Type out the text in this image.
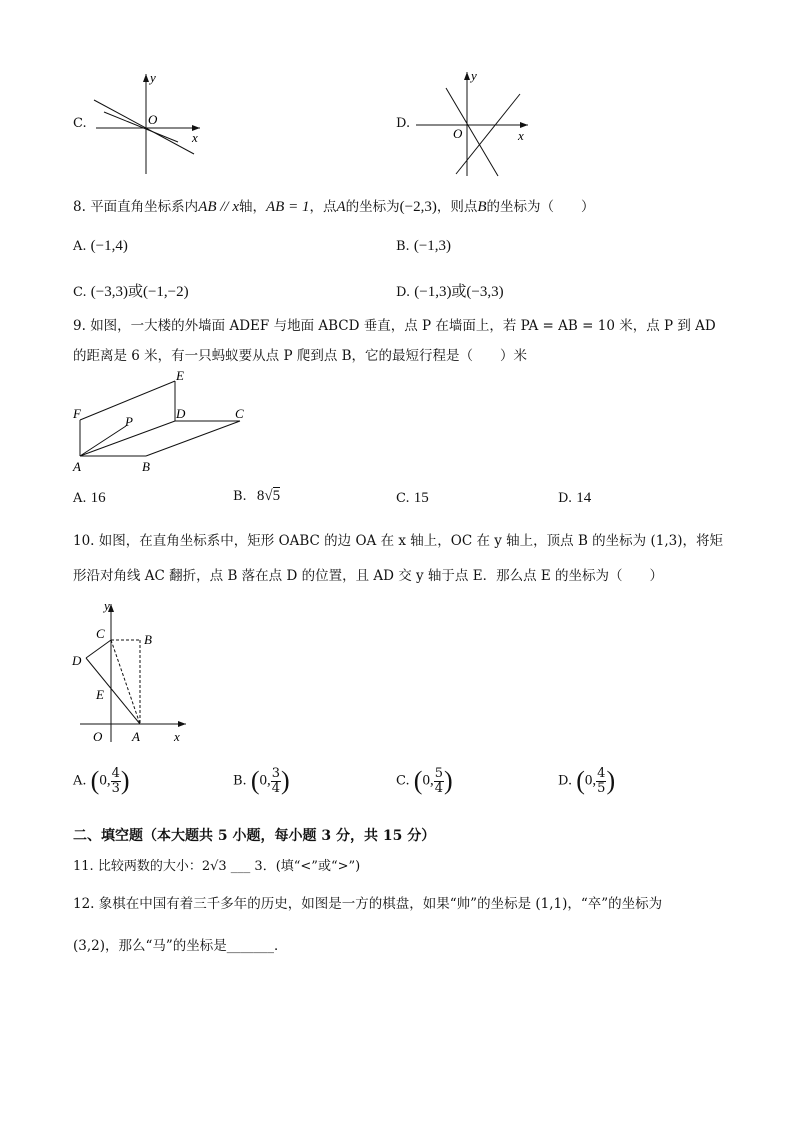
C.
y
x
O	D.
y
x
O
8. 平面直角坐标系内AB // x轴，AB = 1，点A的坐标为(−2,3)，则点B的坐标为（　　）
A. (−1,4)	B. (−1,3)
C. (−3,3)或(−1,−2)	D. (−1,3)或(−3,3)
9. 如图，一大楼的外墙面 ADEF 与地面 ABCD 垂直，点 P 在墙面上，若 PA = AB = 10 米，点 P 到 AD
的距离是 6 米，有一只蚂蚁要从点 P 爬到点 B，它的最短行程是（　　）米
E
F	D	C
P
A	B
A. 16	B. 8√5	C. 15	D. 14
10. 如图，在直角坐标系中，矩形 OABC 的边 OA 在 x 轴上，OC 在 y 轴上，顶点 B 的坐标为 (1,3)，将矩
形沿对角线 AC 翻折，点 B 落在点 D 的位置，且 AD 交 y 轴于点 E．那么点 E 的坐标为（　　）
y
x
O A
B
C
D
E
A. (0, $\frac{4}{3}$ )	B. (0, $\frac{3}{4}$ )	C. (0, $\frac{5}{4}$ )	D. (0, $\frac{4}{5}$ )
二、填空题（本大题共 5 小题，每小题 3 分，共 15 分）
11. 比较两数的大小：2√3 ___ 3．(填“<”或“>”)
12. 象棋在中国有着三千多年的历史，如图是一方的棋盘，如果“帅”的坐标是 (1,1)，“卒”的坐标为
(3,2)，那么“马”的坐标是_______．
